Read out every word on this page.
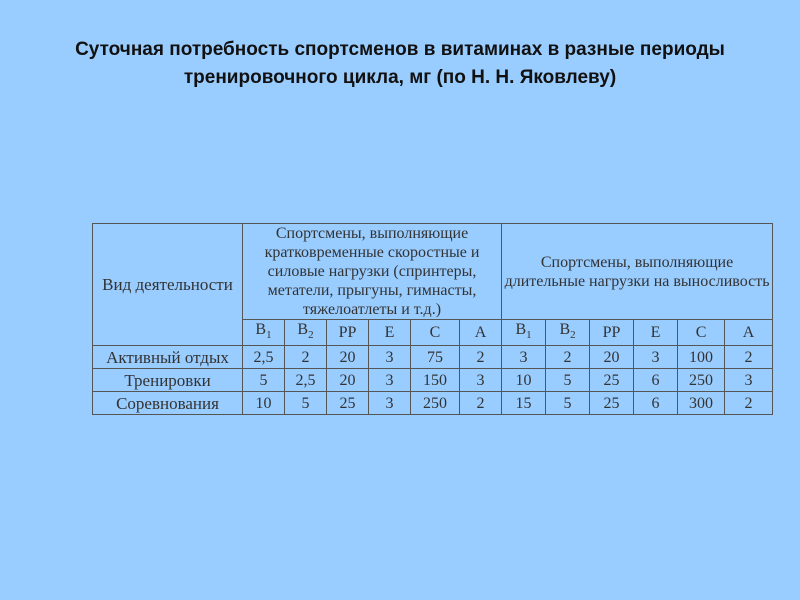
Суточная потребность спортсменов в витаминах в разные периоды
тренировочного цикла, мг (по Н. Н. Яковлеву)
Вид деятельности	Спортсмены, выполняющие кратковременные скоростные и силовые нагрузки (спринтеры, метатели, прыгуны, гимнасты, тяжелоатлеты и т.д.)						Спортсмены, выполняющие длительные нагрузки на выносливость					
	$B_1$	$B_2$	PP	E	C	A	$B_1$	$B_2$	PP	E	C	A
Активный отдых	2,5	2	20	3	75	2	3	2	20	3	100	2
Тренировки	5	2,5	20	3	150	3	10	5	25	6	250	3
Соревнования	10	5	25	3	250	2	15	5	25	6	300	2
